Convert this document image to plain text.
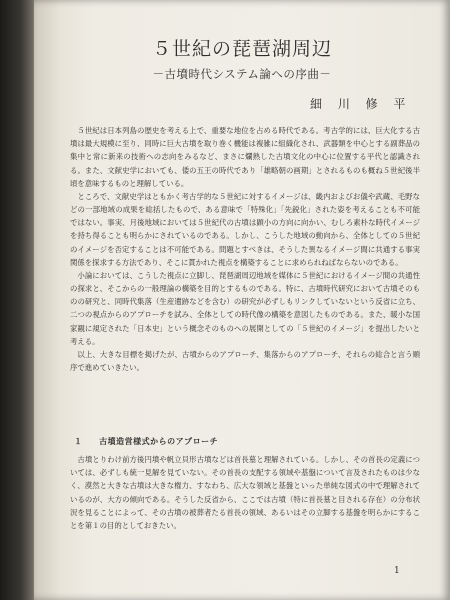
５世紀の琵琶湖周辺
－古墳時代システム論への序曲－
細 川 修 平

５世紀は日本列島の歴史を考える上で、重要な地位を占める時代である。考古学的には、巨大化する古墳は最大規模に至り、同時に巨大古墳を取り巻く機能は複雑に組織化され、武器類を中心とする副葬品の集中と常に新来の技術への志向をみるなど、まさに爛熟した古墳文化の中心に位置する平代と認識される。また、文献史学においても、倭の五王の時代であり「雄略朝の画期」とされるものも概ね５世紀後半頃を意味するものと理解している。

ところで、文献史学はともかく考古学的な５世紀に対するイメージは、畿内およびお儀や武蔵、毛野などの一部地域の成果を総括したもので、ある意味で「特殊化」「先鋭化」された姿を考えることも不可能ではない。事実、月後地域においては５世紀代の古墳は顕小の方向に向かい、むしろ素朴な時代イメージを持ち得ることも明らかにされているのである。しかし、こうした地域の動向から、全体としての５世紀のイメージを否定することは不可能である。問題とすべきは、そうした異なるイメージ間に共通する事実関係を探求する方法であり、そこに貫かれた視点を構築することに求められねばならないのである。

小論においては、こうした視点に立脚し、琵琶湖周辺地域を媒体に５世紀におけるイメージ間の共通性の探求と、そこからの一般理論の構築を目的とするものである。特に、古墳時代研究において古墳そのものの研究と、同時代集落（生産遺跡などを含む）の研究が必ずしもリンクしていないという反省に立ち、二つの視点からのアプローチを試み、全体としての時代像の構築を意図したものである。また、暖小な国家観に規定された「日本史」という概念そのものへの展開としての「５世紀のイメージ」を提出したいと考える。

以上、大きな目標を掲げたが、古墳からのアプローチ、集落からのアプローチ、それらの総合と言う順序で進めていきたい。

１ 古墳造営様式からのアプローチ

古墳とりわけ前方後円墳や帆立貝形古墳などは首長墓と理解されている。しかし、その首長の定義については、必ずしも統一見解を見ていない。その首長の支配する領域や基盤について言及されたものは少なく、漠然と大きな古墳は大きな権力、すなわち、広大な領域と基盤といった単純な図式の中で理解されているのが、大方の傾向である。そうした反省から、ここでは古墳（特に首長墓と目される存在）の分布状況を見ることによって、その古墳の被葬者たる首長の領域、あるいはその立脚する基盤を明らかにすることを第１の目的としておきたい。

1
